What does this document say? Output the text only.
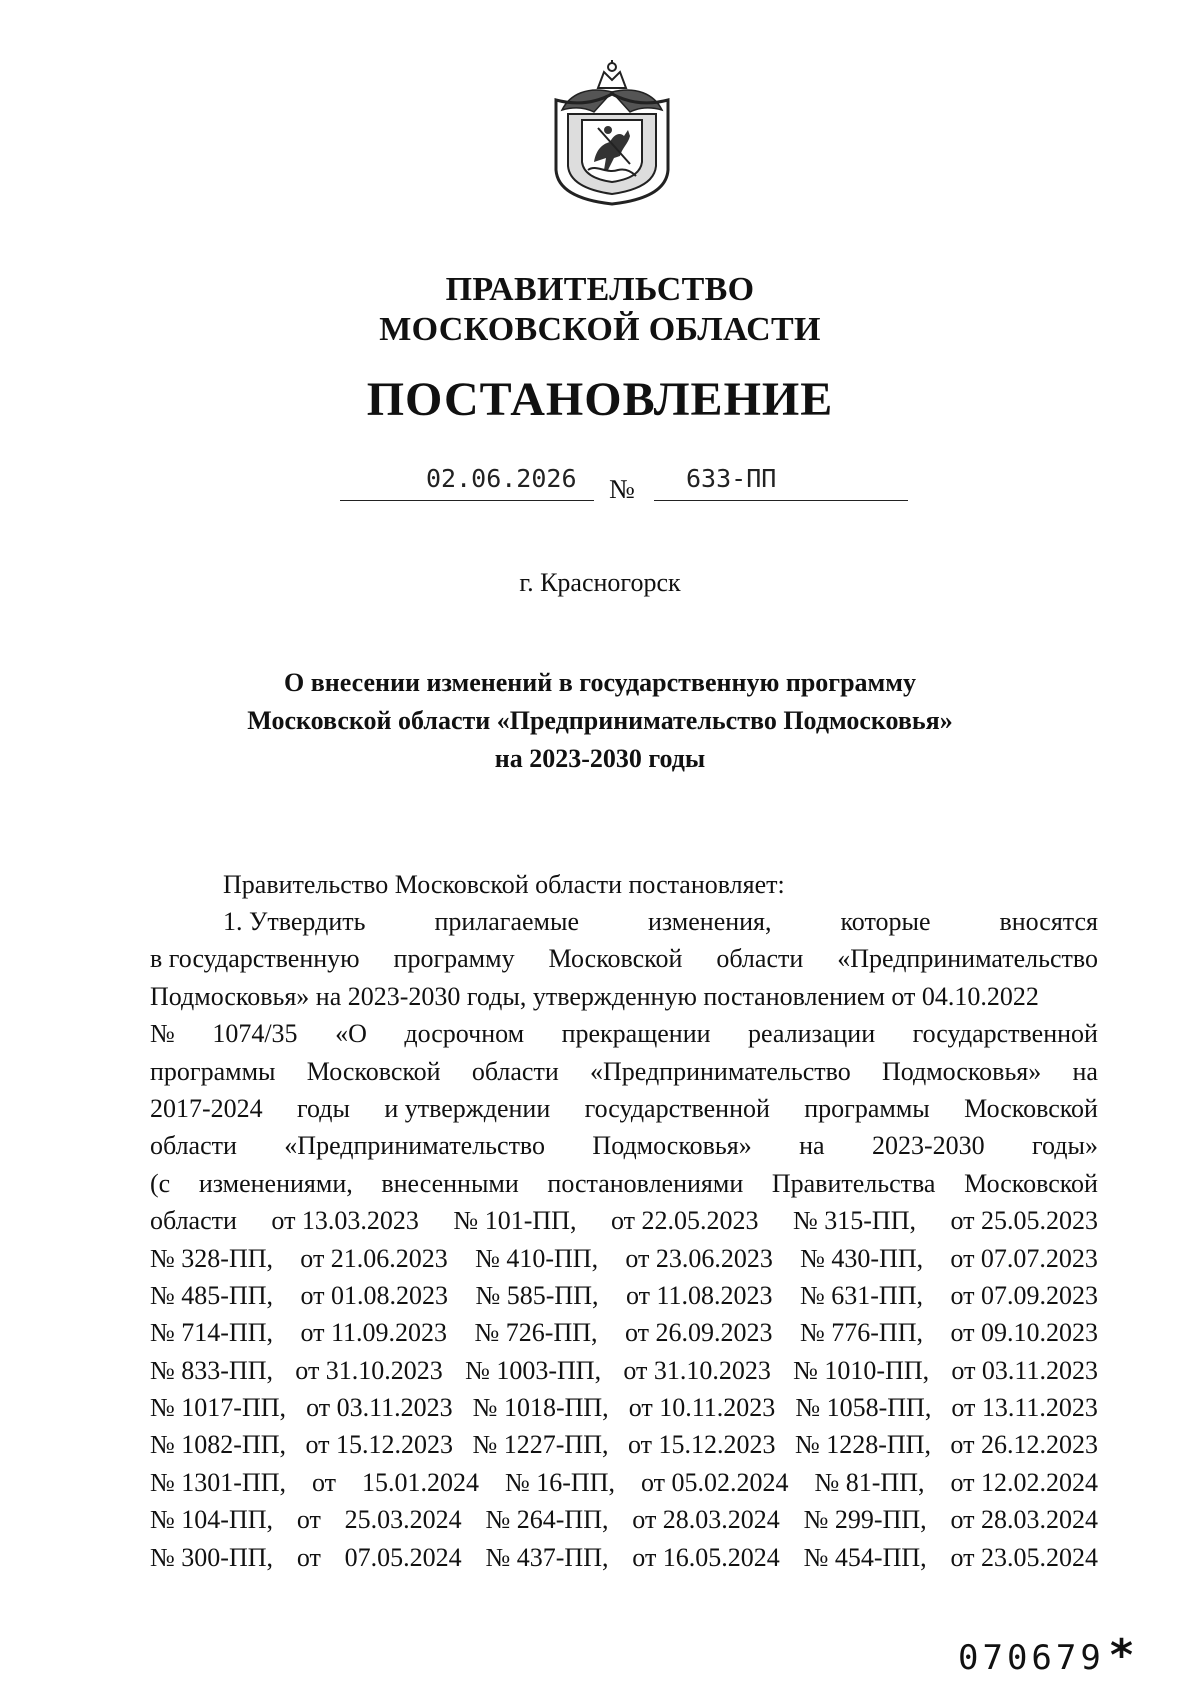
ПРАВИТЕЛЬСТВО
МОСКОВСКОЙ ОБЛАСТИ
ПОСТАНОВЛЕНИЕ
02.06.2026 № 633-ПП
г. Красногорск
О внесении изменений в государственную программу
Московской области «Предпринимательство Подмосковья»
на 2023-2030 годы
Правительство Московской области постановляет:
1. Утвердить	прилагаемые	изменения,	которые	вносятся
в государственную программу Московской области «Предпринимательство
Подмосковья» на 2023-2030 годы, утвержденную постановлением от 04.10.2022
№ 1074/35 «О досрочном прекращении реализации государственной
программы Московской области «Предпринимательство Подмосковья» на
2017-2024 годы и утверждении государственной программы Московской
области «Предпринимательство Подмосковья» на 2023-2030 годы»
(с изменениями, внесенными постановлениями Правительства Московской
области от 13.03.2023 № 101-ПП, от 22.05.2023 № 315-ПП, от 25.05.2023
№ 328-ПП, от 21.06.2023 № 410-ПП, от 23.06.2023 № 430-ПП, от 07.07.2023
№ 485-ПП, от 01.08.2023 № 585-ПП, от 11.08.2023 № 631-ПП, от 07.09.2023
№ 714-ПП, от 11.09.2023 № 726-ПП, от 26.09.2023 № 776-ПП, от 09.10.2023
№ 833-ПП, от 31.10.2023 № 1003-ПП, от 31.10.2023 № 1010-ПП, от 03.11.2023
№ 1017-ПП, от 03.11.2023 № 1018-ПП, от 10.11.2023 № 1058-ПП, от 13.11.2023
№ 1082-ПП, от 15.12.2023 № 1227-ПП, от 15.12.2023 № 1228-ПП, от 26.12.2023
№ 1301-ПП, от 15.01.2024 № 16-ПП, от 05.02.2024 № 81-ПП, от 12.02.2024
№ 104-ПП, от 25.03.2024 № 264-ПП, от 28.03.2024 № 299-ПП, от 28.03.2024
№ 300-ПП, от 07.05.2024 № 437-ПП, от 16.05.2024 № 454-ПП, от 23.05.2024
070679 *
